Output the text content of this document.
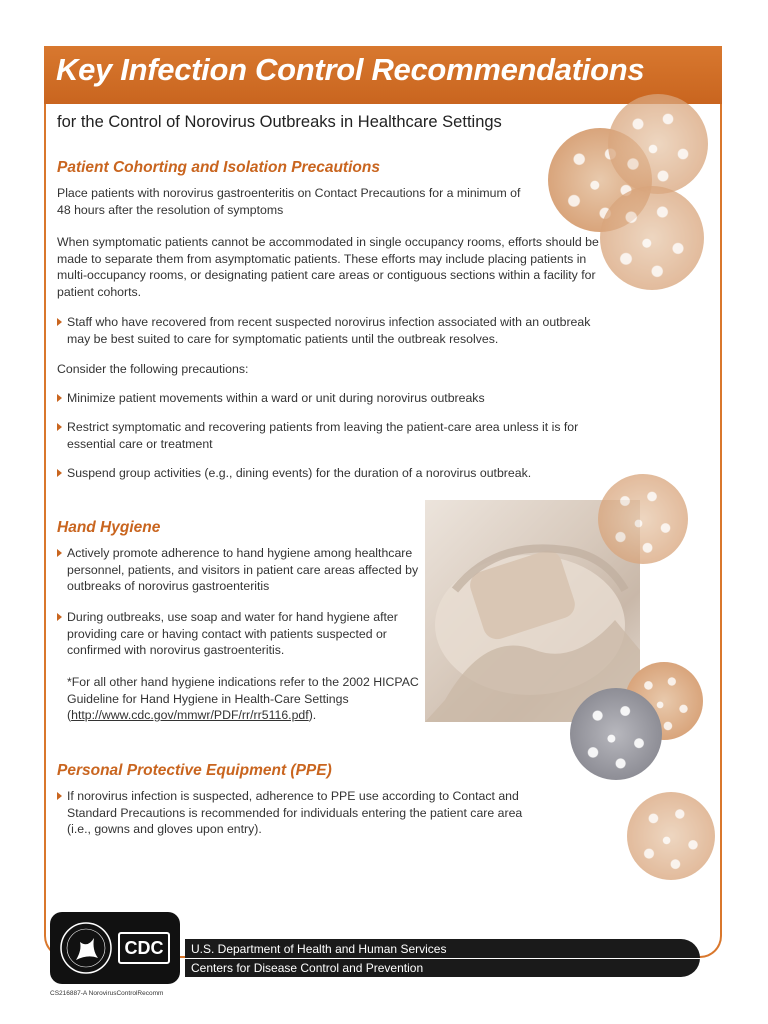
Key Infection Control Recommendations
for the Control of Norovirus Outbreaks in Healthcare Settings
Patient Cohorting and Isolation Precautions

Place patients with norovirus gastroenteritis on Contact Precautions for a minimum of 48 hours after the resolution of symptoms

When symptomatic patients cannot be accommodated in single occupancy rooms, efforts should be made to separate them from asymptomatic patients. These efforts may include placing patients in multi-occupancy rooms, or designating patient care areas or contiguous sections within a facility for patient cohorts.

Staff who have recovered from recent suspected norovirus infection associated with an outbreak may be best suited to care for symptomatic patients until the outbreak resolves.

Consider the following precautions:

Minimize patient movements within a ward or unit during norovirus outbreaks

Restrict symptomatic and recovering patients from leaving the patient-care area unless it is for essential care or treatment

Suspend group activities (e.g., dining events) for the duration of a norovirus outbreak.

Hand Hygiene

Actively promote adherence to hand hygiene among healthcare personnel, patients, and visitors in patient care areas affected by outbreaks of norovirus gastroenteritis

During outbreaks, use soap and water for hand hygiene after providing care or having contact with patients suspected or confirmed with norovirus gastroenteritis.

*For all other hand hygiene indications refer to the 2002 HICPAC Guideline for Hand Hygiene in Health-Care Settings (http://www.cdc.gov/mmwr/PDF/rr/rr5116.pdf).

Personal Protective Equipment (PPE)

If norovirus infection is suspected, adherence to PPE use according to Contact and Standard Precautions is recommended for individuals entering the patient care area (i.e., gowns and gloves upon entry).

CDC	U.S. Department of Health and Human Services

Centers for Disease Control and Prevention

CS216887-A NorovirusControlRecomm
